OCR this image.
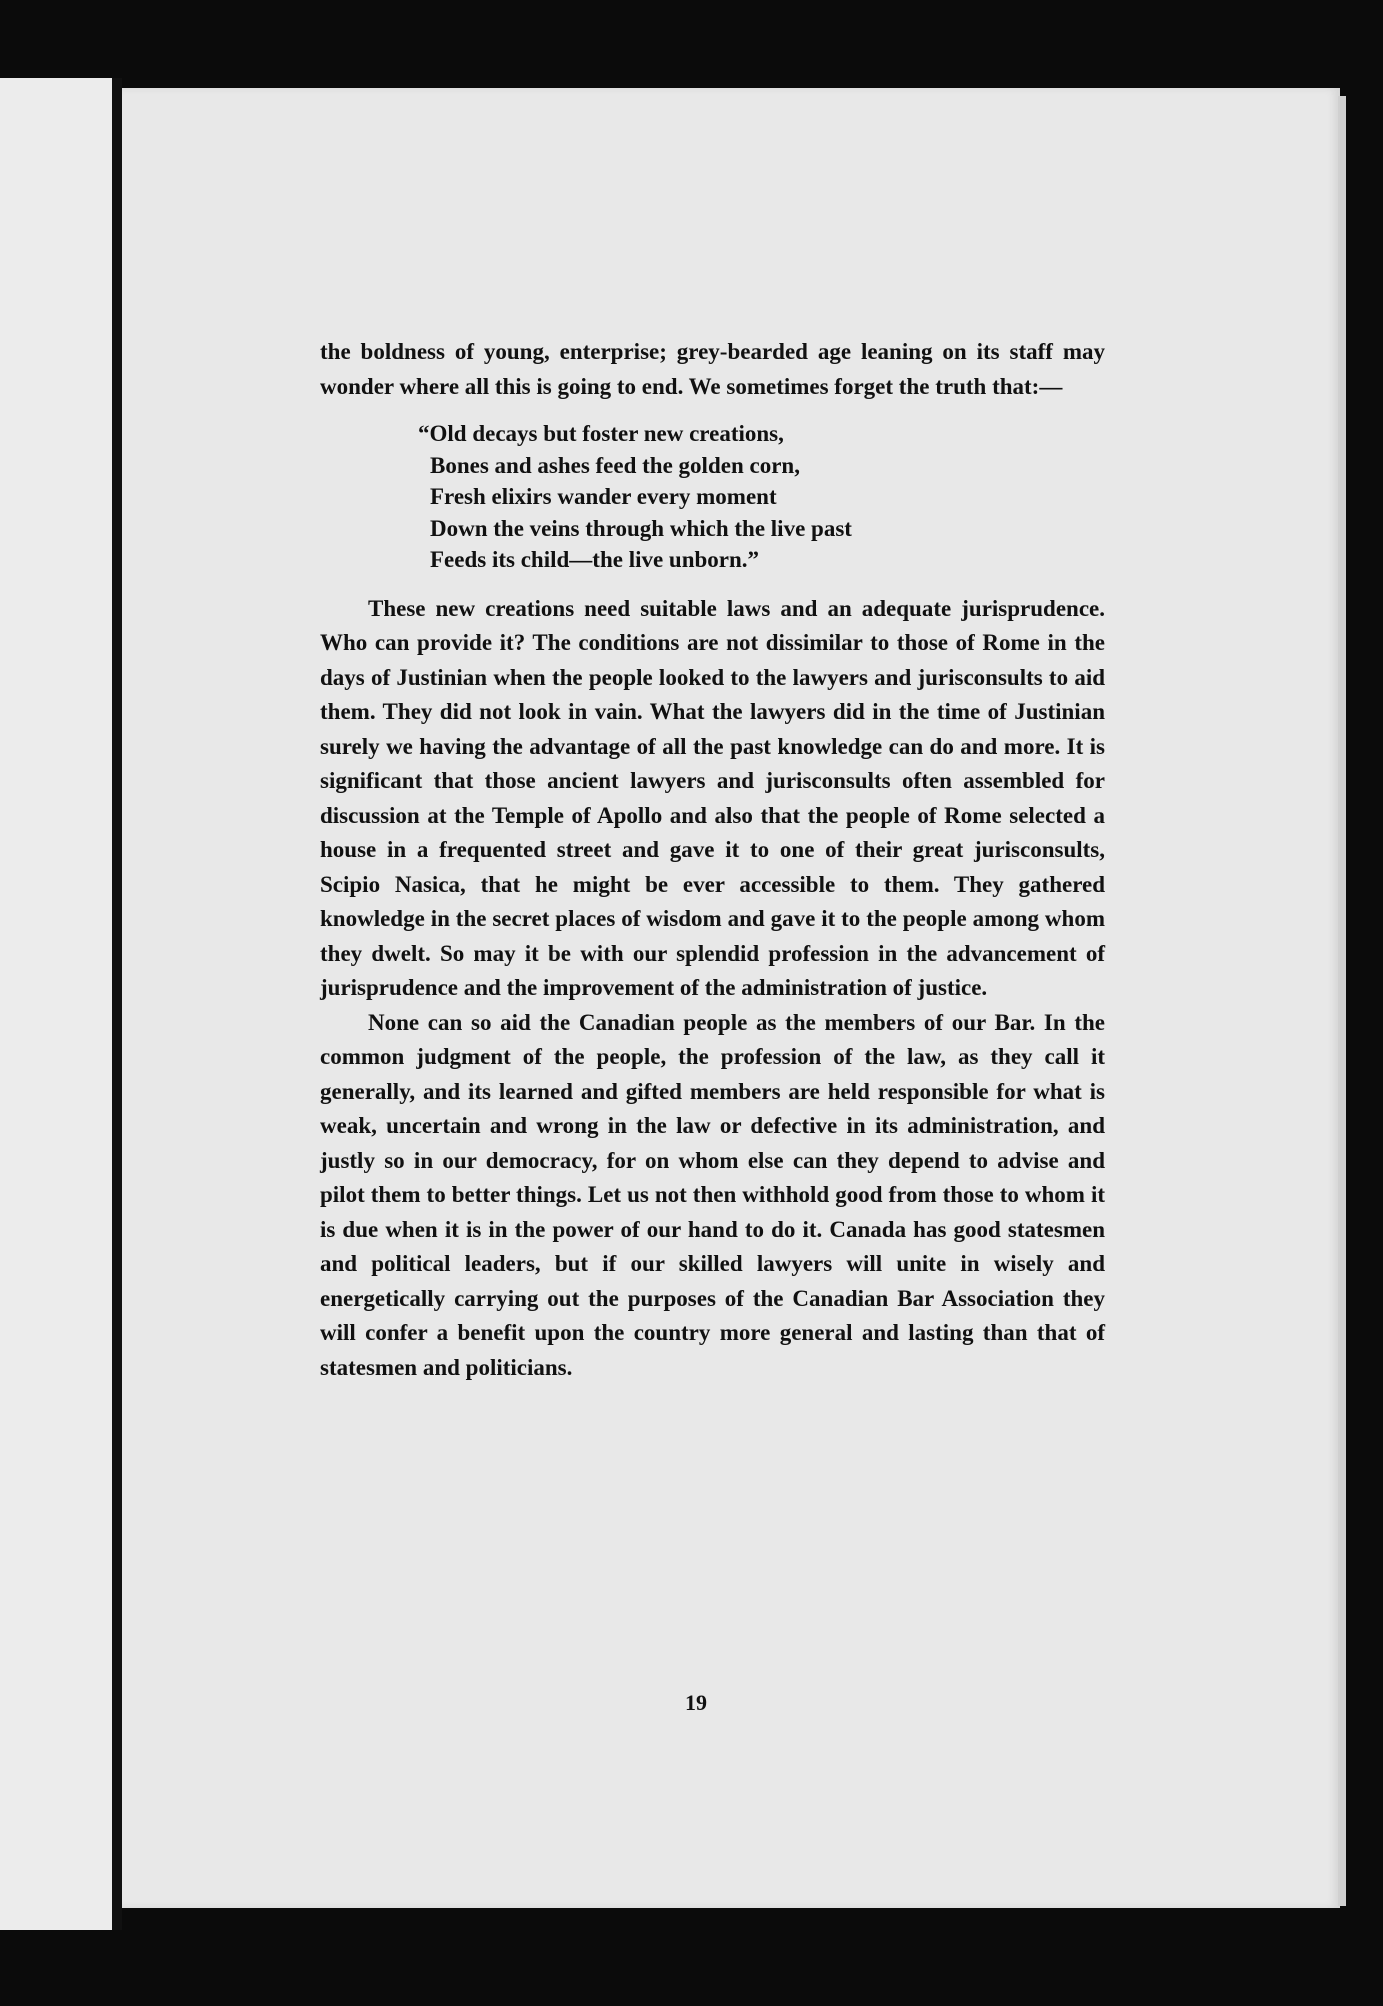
the boldness of young, enterprise; grey-bearded age leaning on its staff may wonder where all this is going to end. We sometimes forget the truth that:—

“Old decays but foster new creations,
Bones and ashes feed the golden corn,
Fresh elixirs wander every moment
Down the veins through which the live past
Feeds its child—the live unborn.”

These new creations need suitable laws and an adequate jurisprudence. Who can provide it? The conditions are not dissimilar to those of Rome in the days of Justinian when the people looked to the lawyers and jurisconsults to aid them. They did not look in vain. What the lawyers did in the time of Justinian surely we having the advantage of all the past knowledge can do and more. It is significant that those ancient lawyers and jurisconsults often assembled for discussion at the Temple of Apollo and also that the people of Rome selected a house in a frequented street and gave it to one of their great jurisconsults, Scipio Nasica, that he might be ever accessible to them. They gathered knowledge in the secret places of wisdom and gave it to the people among whom they dwelt. So may it be with our splendid profession in the advancement of jurisprudence and the improvement of the administration of justice.

None can so aid the Canadian people as the members of our Bar. In the common judgment of the people, the profession of the law, as they call it generally, and its learned and gifted members are held responsible for what is weak, uncertain and wrong in the law or defective in its administration, and justly so in our democracy, for on whom else can they depend to advise and pilot them to better things. Let us not then withhold good from those to whom it is due when it is in the power of our hand to do it. Canada has good statesmen and political leaders, but if our skilled lawyers will unite in wisely and energetically carrying out the purposes of the Canadian Bar Association they will confer a benefit upon the country more general and lasting than that of statesmen and politicians.

19
